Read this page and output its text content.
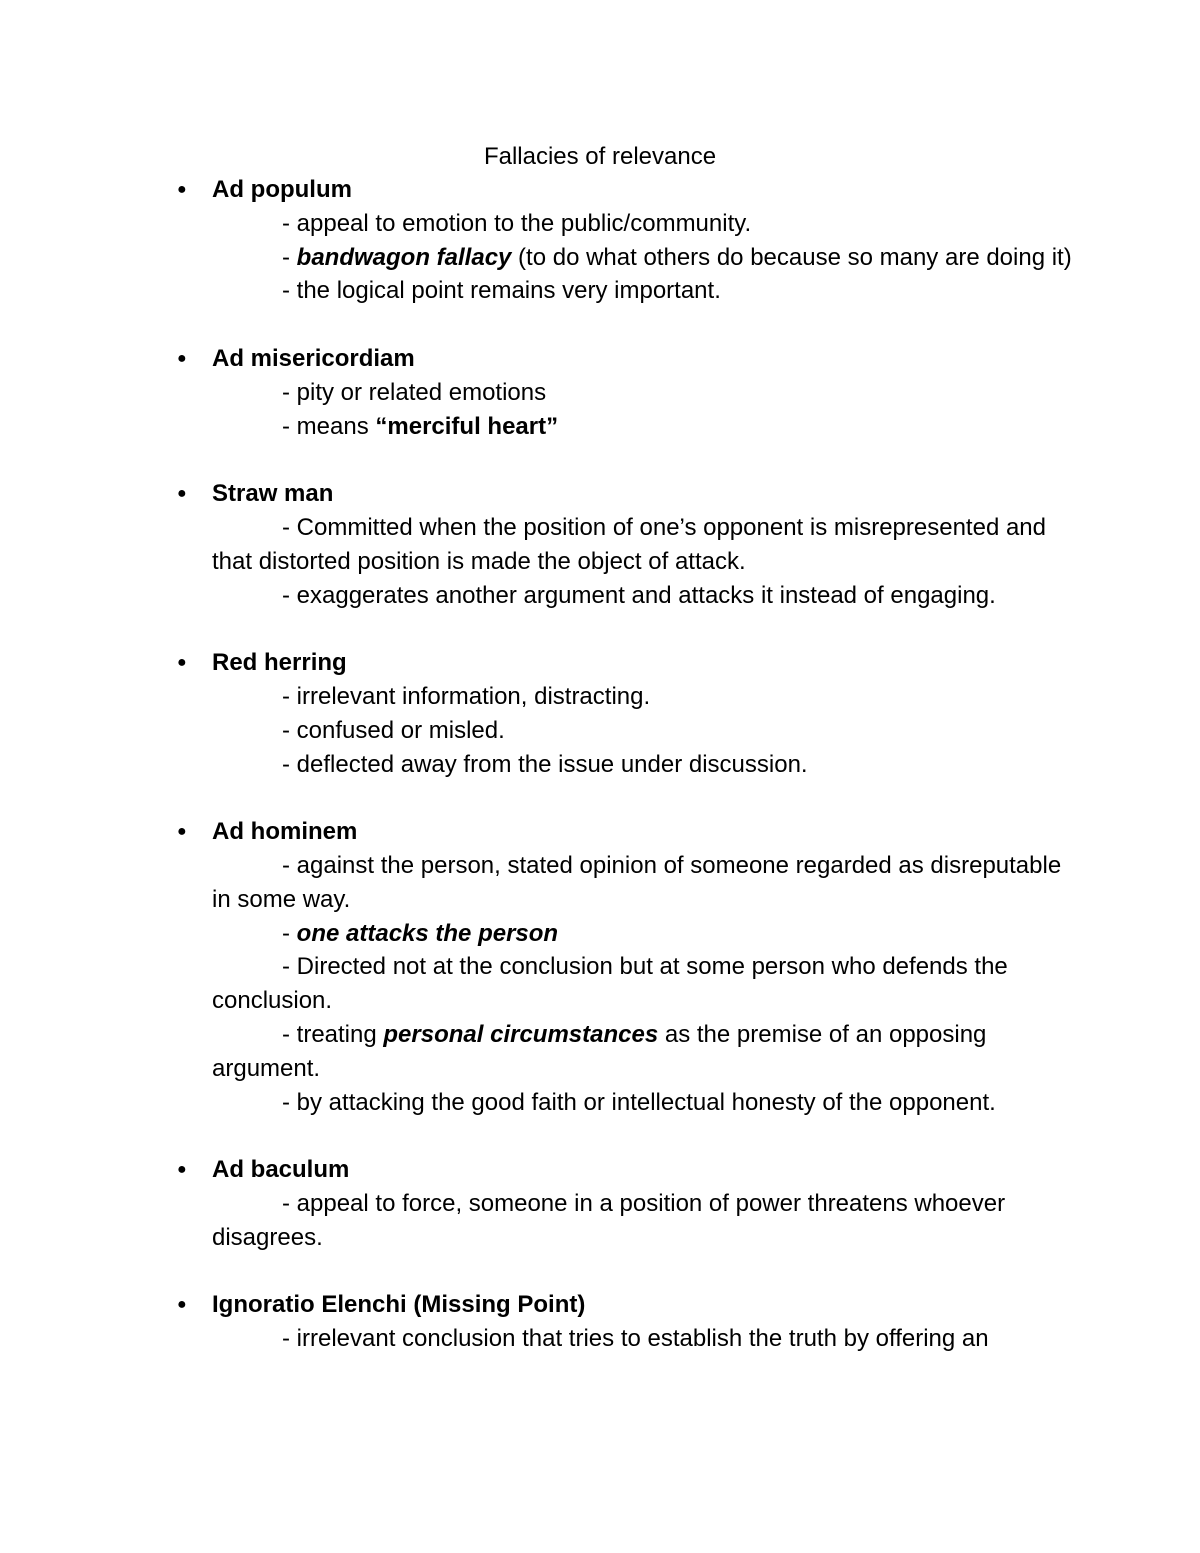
Fallacies of relevance
● Ad populum

- appeal to emotion to the public/community.

- bandwagon fallacy (to do what others do because so many are doing it)

- the logical point remains very important.

● Ad misericordiam

- pity or related emotions

- means “merciful heart”

● Straw man

- Committed when the position of one’s opponent is misrepresented and that distorted position is made the object of attack.

- exaggerates another argument and attacks it instead of engaging.

● Red herring

- irrelevant information, distracting.

- confused or misled.

- deflected away from the issue under discussion.

● Ad hominem

- against the person, stated opinion of someone regarded as disreputable in some way.

- one attacks the person

- Directed not at the conclusion but at some person who defends the conclusion.

- treating personal circumstances as the premise of an opposing argument.

- by attacking the good faith or intellectual honesty of the opponent.

● Ad baculum

- appeal to force, someone in a position of power threatens whoever disagrees.

● Ignoratio Elenchi (Missing Point)

- irrelevant conclusion that tries to establish the truth by offering an
